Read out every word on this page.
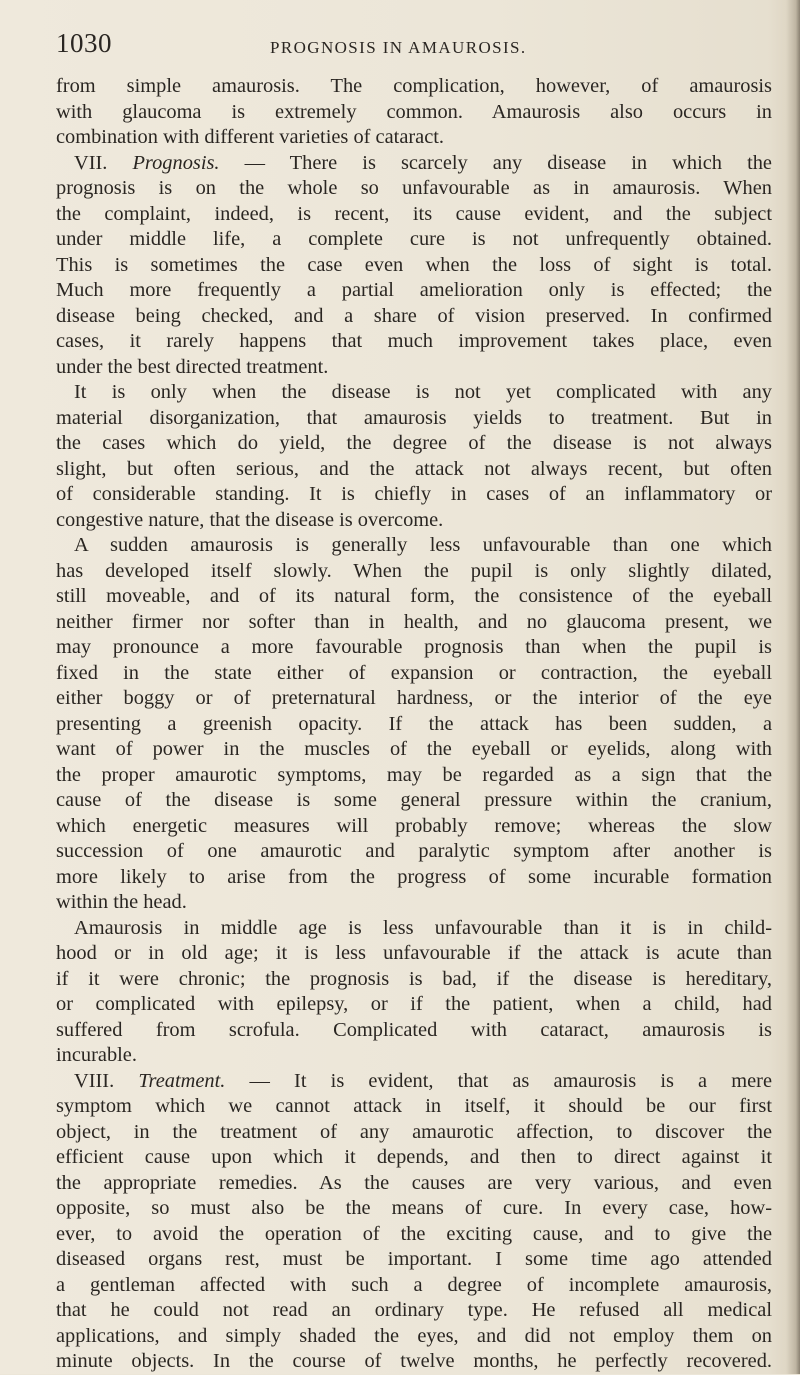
1030	PROGNOSIS IN AMAUROSIS.
from simple amaurosis. The complication, however, of amaurosis
with glaucoma is extremely common. Amaurosis also occurs in
combination with different varieties of cataract.
VII. Prognosis. — There is scarcely any disease in which the
prognosis is on the whole so unfavourable as in amaurosis. When
the complaint, indeed, is recent, its cause evident, and the subject
under middle life, a complete cure is not unfrequently obtained.
This is sometimes the case even when the loss of sight is total.
Much more frequently a partial amelioration only is effected; the
disease being checked, and a share of vision preserved. In confirmed
cases, it rarely happens that much improvement takes place, even
under the best directed treatment.
It is only when the disease is not yet complicated with any
material disorganization, that amaurosis yields to treatment. But in
the cases which do yield, the degree of the disease is not always
slight, but often serious, and the attack not always recent, but often
of considerable standing. It is chiefly in cases of an inflammatory or
congestive nature, that the disease is overcome.
A sudden amaurosis is generally less unfavourable than one which
has developed itself slowly. When the pupil is only slightly dilated,
still moveable, and of its natural form, the consistence of the eyeball
neither firmer nor softer than in health, and no glaucoma present, we
may pronounce a more favourable prognosis than when the pupil is
fixed in the state either of expansion or contraction, the eyeball
either boggy or of preternatural hardness, or the interior of the eye
presenting a greenish opacity. If the attack has been sudden, a
want of power in the muscles of the eyeball or eyelids, along with
the proper amaurotic symptoms, may be regarded as a sign that the
cause of the disease is some general pressure within the cranium,
which energetic measures will probably remove; whereas the slow
succession of one amaurotic and paralytic symptom after another is
more likely to arise from the progress of some incurable formation
within the head.
Amaurosis in middle age is less unfavourable than it is in child-
hood or in old age; it is less unfavourable if the attack is acute than
if it were chronic; the prognosis is bad, if the disease is hereditary,
or complicated with epilepsy, or if the patient, when a child, had
suffered from scrofula. Complicated with cataract, amaurosis is
incurable.
VIII. Treatment. — It is evident, that as amaurosis is a mere
symptom which we cannot attack in itself, it should be our first
object, in the treatment of any amaurotic affection, to discover the
efficient cause upon which it depends, and then to direct against it
the appropriate remedies. As the causes are very various, and even
opposite, so must also be the means of cure. In every case, how-
ever, to avoid the operation of the exciting cause, and to give the
diseased organs rest, must be important. I some time ago attended
a gentleman affected with such a degree of incomplete amaurosis,
that he could not read an ordinary type. He refused all medical
applications, and simply shaded the eyes, and did not employ them on
minute objects. In the course of twelve months, he perfectly recovered.
